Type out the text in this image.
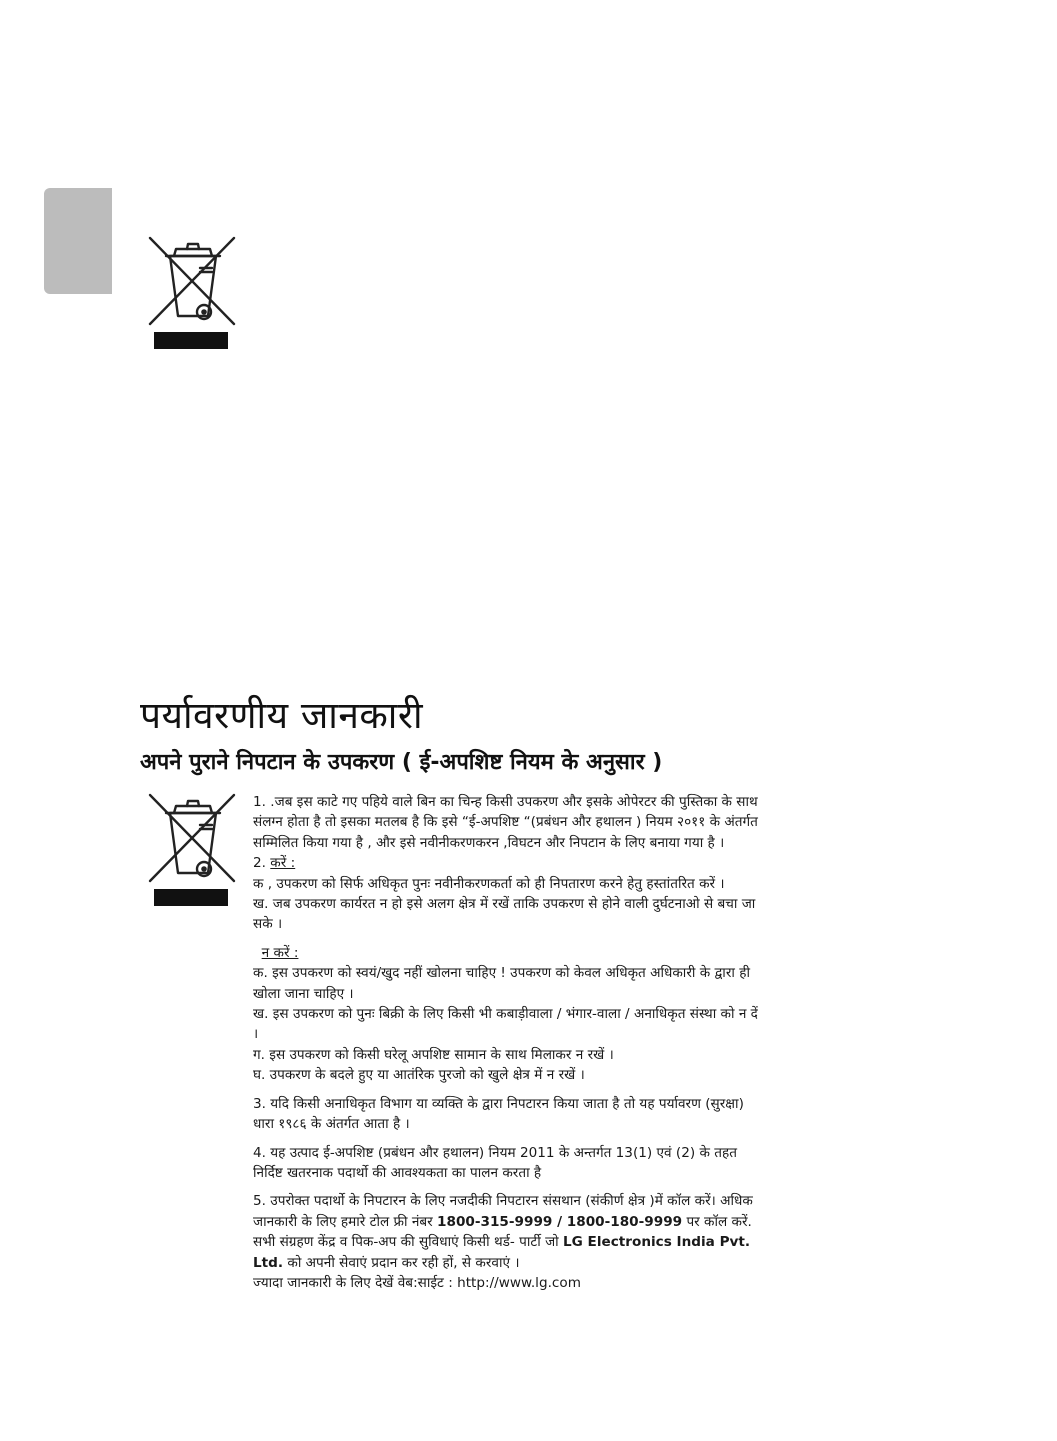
पर्यावरणीय जानकारी
अपने पुराने निपटान के उपकरण ( ई-अपशिष्ट नियम के अनुसार )

1. .जब इस काटे गए पहिये वाले बिन का चिन्ह किसी उपकरण और इसके ओपेरटर की पुस्तिका के साथ संलग्न होता है तो इसका मतलब है कि इसे “ई-अपशिष्ट “(प्रबंधन और हथालन ) नियम २०११ के अंतर्गत सम्मिलित किया गया है , और इसे नवीनीकरणकरन ,विघटन और निपटान के लिए बनाया गया है ।

2. करें :

क , उपकरण को सिर्फ अधिकृत पुनः नवीनीकरणकर्ता को ही निपतारण करने हेतु हस्तांतरित करें ।

ख. जब उपकरण कार्यरत न हो इसे अलग क्षेत्र में रखें ताकि उपकरण से होने वाली दुर्घटनाओ से बचा जा सके ।

न करें :

क. इस उपकरण को स्वयं/खुद नहीं खोलना चाहिए ! उपकरण को केवल अधिकृत अधिकारी के द्वारा ही खोला जाना चाहिए ।

ख. इस उपकरण को पुनः बिक्री के लिए किसी भी कबाड़ीवाला / भंगार-वाला / अनाधिकृत संस्था को न दें ।

ग. इस उपकरण को किसी घरेलू अपशिष्ट सामान के साथ मिलाकर न रखें ।

घ. उपकरण के बदले हुए या आतंरिक पुरजो को खुले क्षेत्र में न रखें ।

3. यदि किसी अनाधिकृत विभाग या व्यक्ति के द्वारा निपटारन किया जाता है तो यह पर्यावरण (सुरक्षा) धारा १९८६ के अंतर्गत आता है ।

4. यह उत्पाद ई-अपशिष्ट (प्रबंधन और हथालन) नियम 2011 के अन्तर्गत 13(1) एवं (2) के तहत निर्दिष्ट खतरनाक पदार्थो की आवश्यकता का पालन करता है

5. उपरोक्त पदार्थो के निपटारन के लिए नजदीकी निपटारन संसथान (संकीर्ण क्षेत्र )में कॉल करें। अधिक जानकारी के लिए हमारे टोल फ्री नंबर 1800-315-9999 / 1800-180-9999 पर कॉल करें. सभी संग्रहण केंद्र व पिक-अप की सुविधाएं किसी थर्ड- पार्टी जो LG Electronics India Pvt. Ltd. को अपनी सेवाएं प्रदान कर रही हों, से करवाएं ।

ज्यादा जानकारी के लिए देखें वेब:साईट : http://www.lg.com
